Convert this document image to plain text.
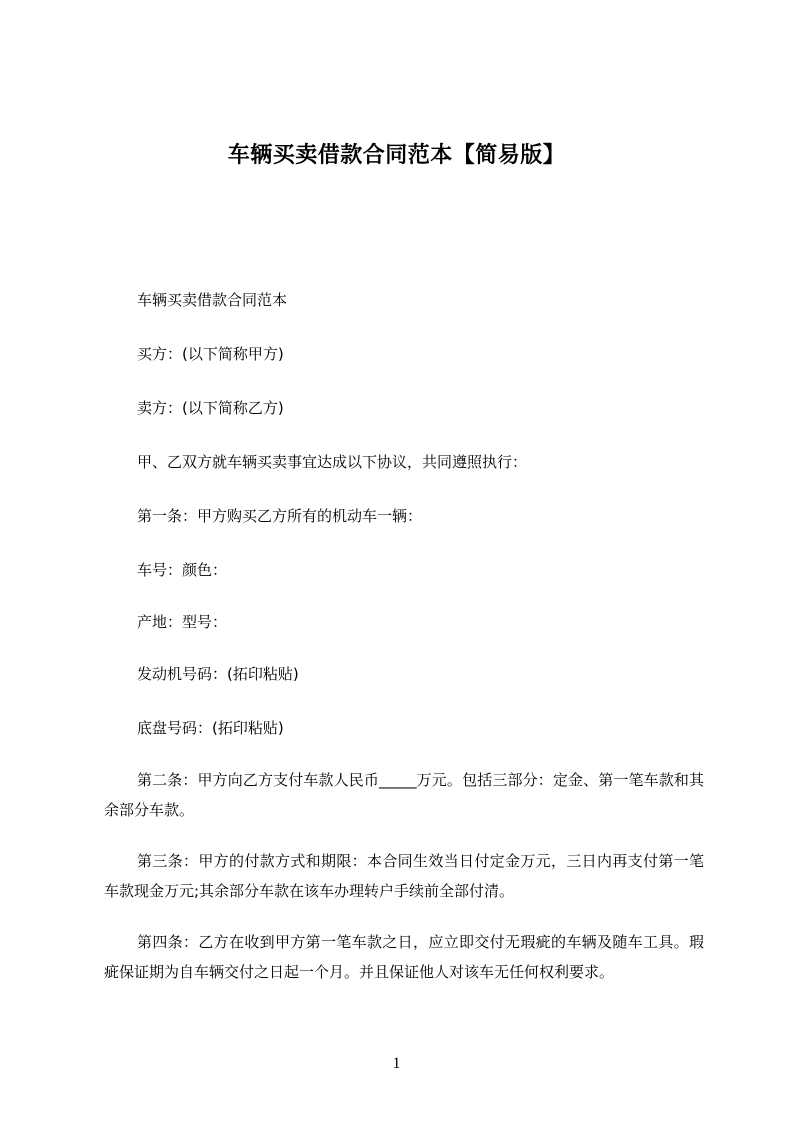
车辆买卖借款合同范本【简易版】
车辆买卖借款合同范本
买方：(以下简称甲方)
卖方：(以下简称乙方)
甲、乙双方就车辆买卖事宜达成以下协议，共同遵照执行：
第一条：甲方购买乙方所有的机动车一辆：
车号：颜色：
产地：型号：
发动机号码：(拓印粘贴)
底盘号码：(拓印粘贴)
第二条：甲方向乙方支付车款人民币_____万元。包括三部分：定金、第一笔车款和其余部分车款。
第三条：甲方的付款方式和期限：本合同生效当日付定金万元，三日内再支付第一笔车款现金万元;其余部分车款在该车办理转户手续前全部付清。
第四条：乙方在收到甲方第一笔车款之日，应立即交付无瑕疵的车辆及随车工具。瑕疵保证期为自车辆交付之日起一个月。并且保证他人对该车无任何权利要求。
1
